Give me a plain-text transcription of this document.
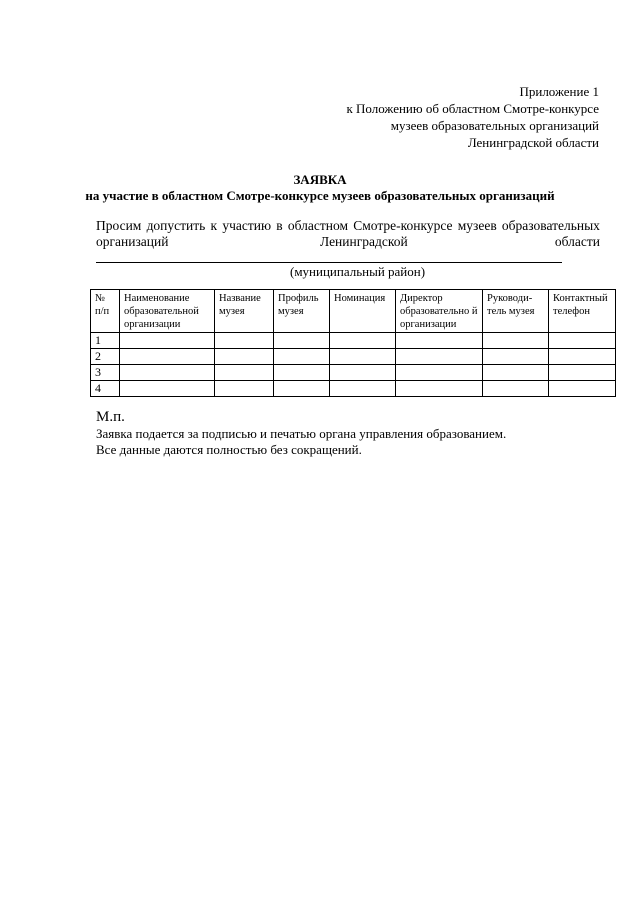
Приложение 1
к Положению об областном Смотре-конкурсе
музеев образовательных организаций
Ленинградской области
ЗАЯВКА
на участие в областном Смотре-конкурсе музеев образовательных организаций
Просим допустить к участию в областном Смотре-конкурсе музеев образовательных
организаций	Ленинградской	области
(муниципальный район)
№ п/п	Наименование образовательной организации	Название музея	Профиль музея	Номинация	Директор образовательно й организации	Руководи-тель музея	Контактный телефон
1							
2							
3							
4							
М.п.
Заявка подается за подписью и печатью органа управления образованием.
Все данные даются полностью без сокращений.
